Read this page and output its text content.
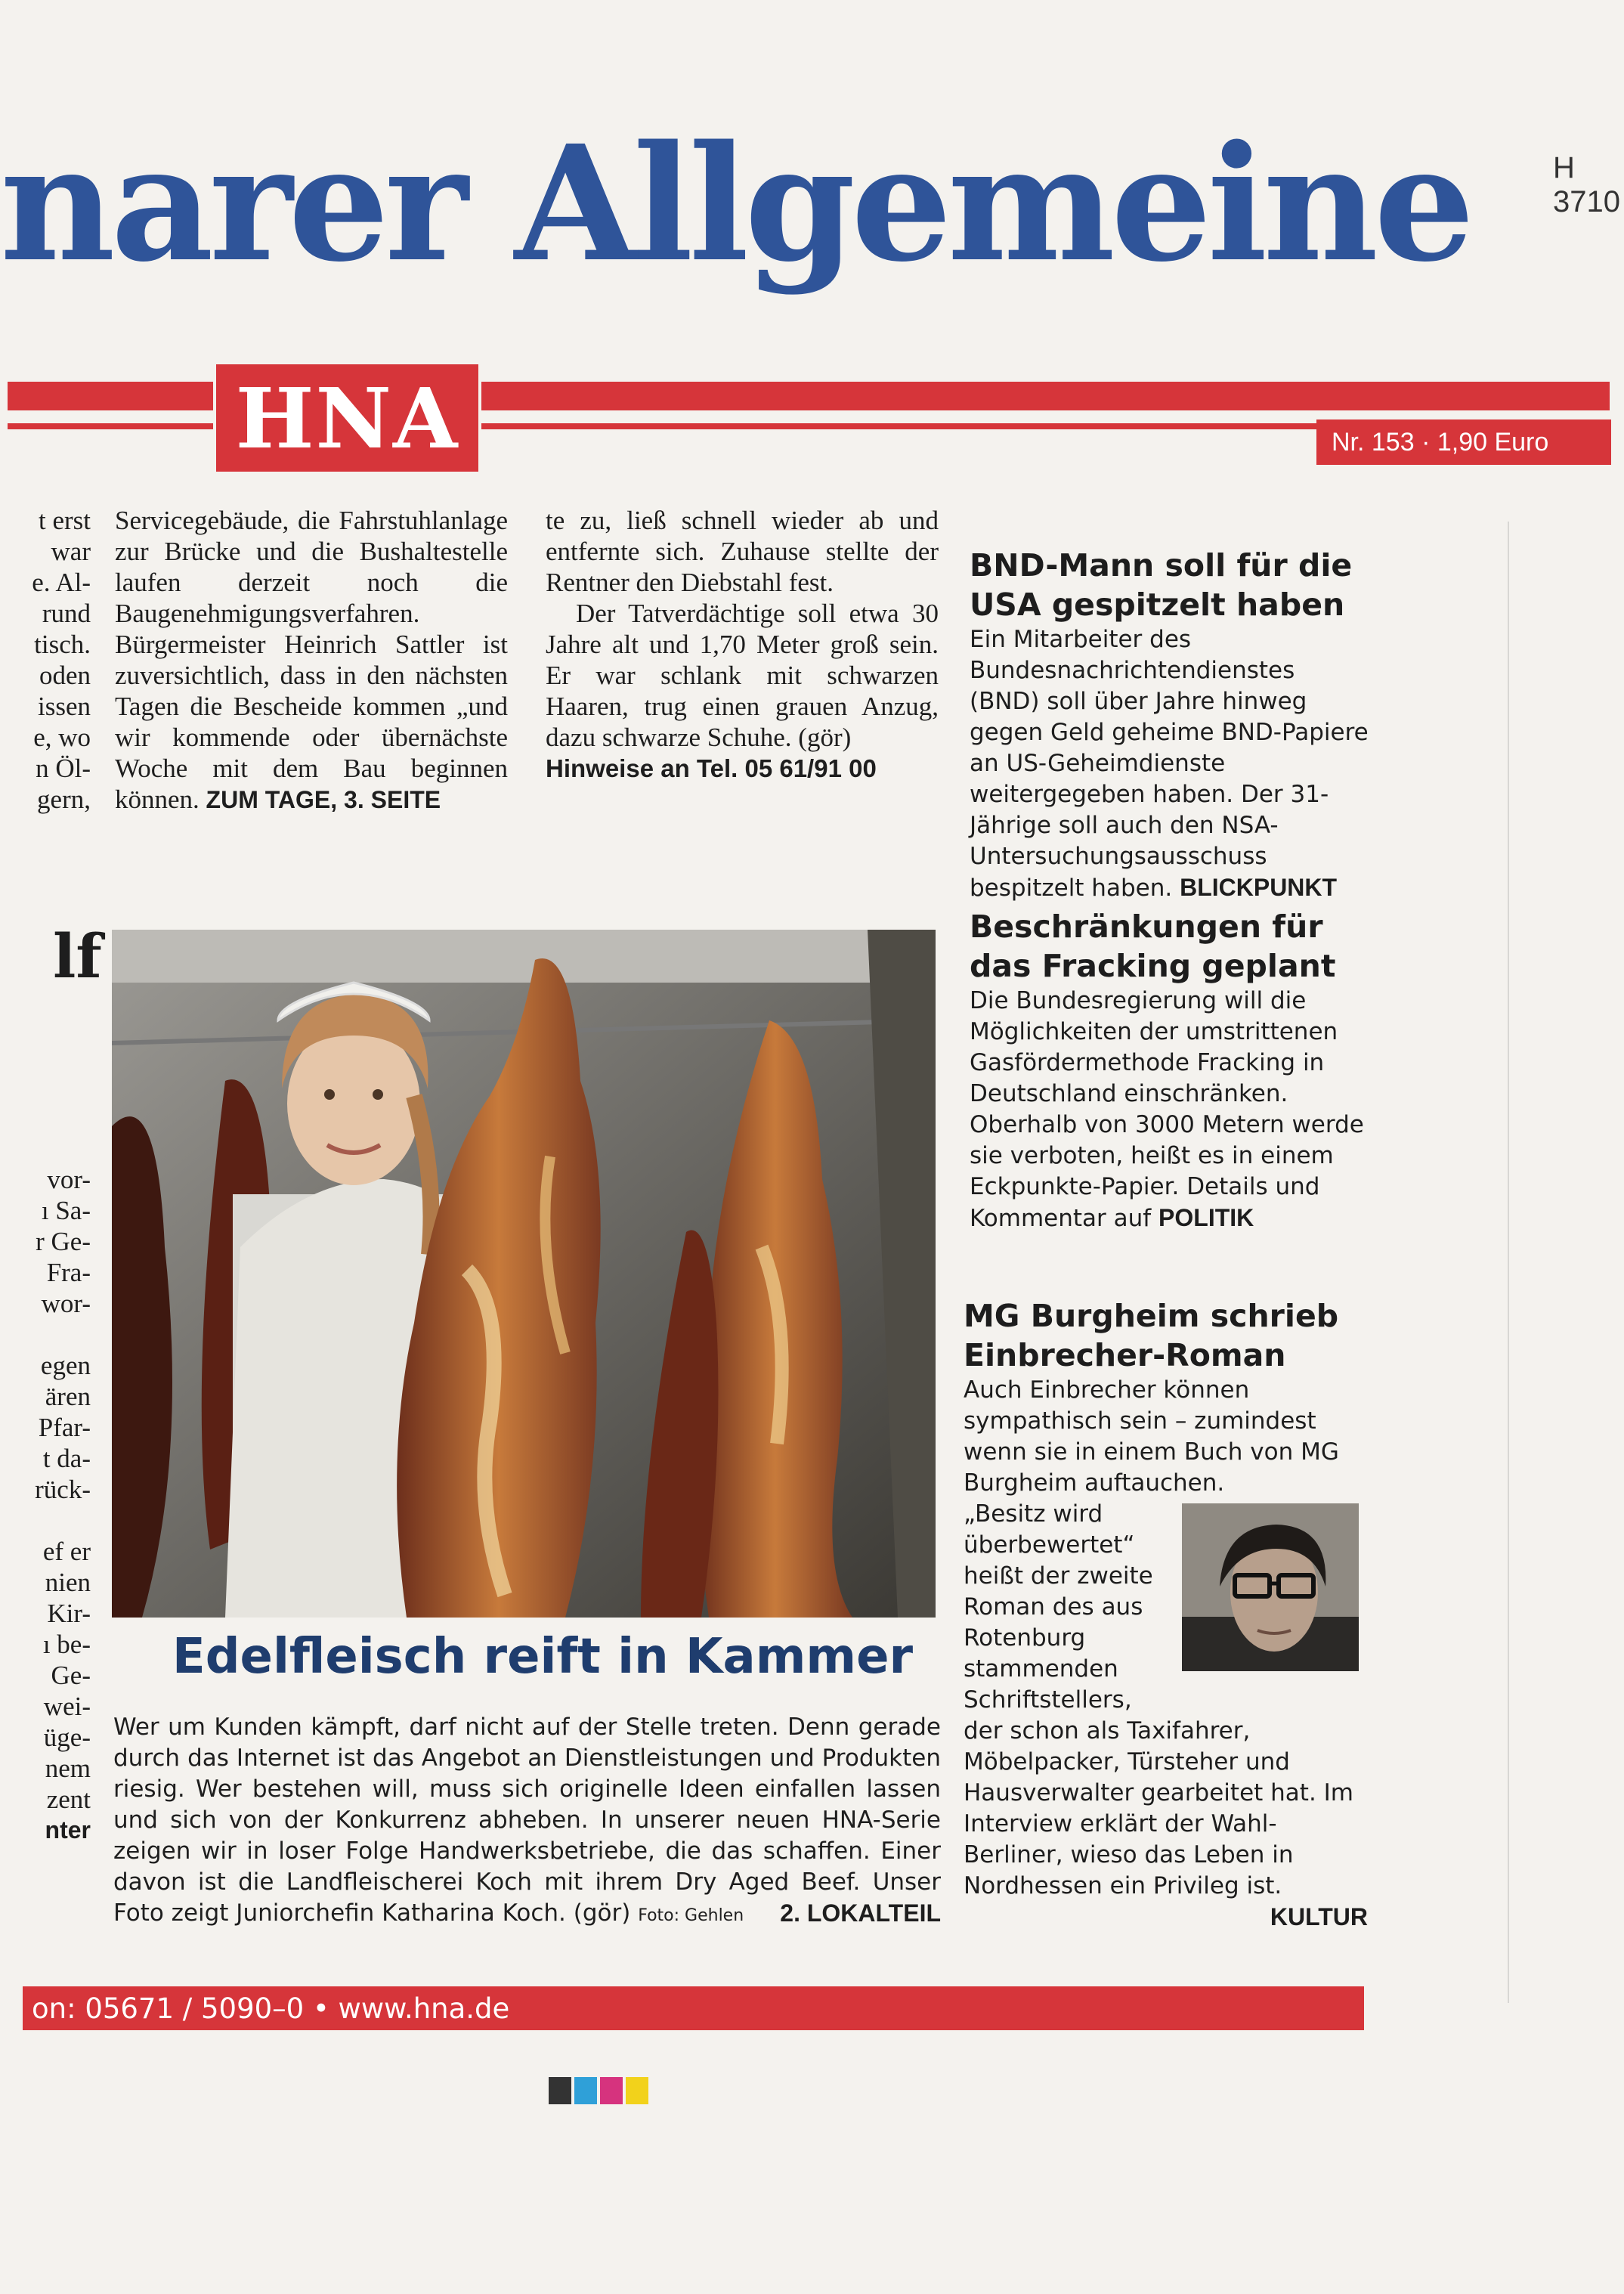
narer Allgemeine	H 3710
HNA	Nr. 153 · 1,90 Euro
t erst
war
e. Al-
rund
tisch.
oden
issen
e, wo
n Öl-
gern,
lf
vor-
ı Sa-
r Ge-
Fra-
wor-

egen
ären
Pfar-
t da-
rück-

ef er
nien
Kir-
ı be-
Ge-
wei-
üge-
nem
zent
nter

Servicegebäude, die Fahrstuhlanlage zur Brücke und die Bushaltestelle laufen derzeit noch die Baugenehmigungsverfahren. Bürgermeister Heinrich Sattler ist zuversichtlich, dass in den nächsten Tagen die Bescheide kommen „und wir kommende oder übernächste Woche mit dem Bau beginnen können. ZUM TAGE, 3. SEITE

te zu, ließ schnell wieder ab und entfernte sich. Zuhause stellte der Rentner den Diebstahl fest.

Der Tatverdächtige soll etwa 30 Jahre alt und 1,70 Meter groß sein. Er war schlank mit schwarzen Haaren, trug einen grauen Anzug, dazu schwarze Schuhe. (gör)

Hinweise an Tel. 05 61/91 00

BND-Mann soll für die
USA gespitzelt haben

Ein Mitarbeiter des Bundesnachrichtendienstes (BND) soll über Jahre hinweg gegen Geld geheime BND-Papiere an US-Geheimdienste weitergegeben haben. Der 31-Jährige soll auch den NSA-Untersuchungsausschuss bespitzelt haben. BLICKPUNKT

Beschränkungen für
das Fracking geplant

Die Bundesregierung will die Möglichkeiten der umstrittenen Gasfördermethode Fracking in Deutschland einschränken. Oberhalb von 3000 Metern werde sie verboten, heißt es in einem Eckpunkte-Papier. Details und Kommentar auf POLITIK

MG Burgheim schrieb
Einbrecher-Roman

Auch Einbrecher können sympathisch sein – zumindest wenn sie in einem Buch von MG Burgheim auftauchen.

„Besitz wird überbewertet“ heißt der zweite Roman des aus Rotenburg stammenden Schriftstellers,

der schon als Taxifahrer, Möbelpacker, Türsteher und Hausverwalter gearbeitet hat. Im Interview erklärt der Wahl-Berliner, wieso das Leben in Nordhessen ein Privileg ist.
KULTUR

Edelfleisch reift in Kammer

Wer um Kunden kämpft, darf nicht auf der Stelle treten. Denn gerade durch das Internet ist das Angebot an Dienstleistungen und Produkten riesig. Wer bestehen will, muss sich originelle Ideen einfallen lassen und sich von der Konkurrenz abheben. In unserer neuen HNA-Serie zeigen wir in loser Folge Handwerksbetriebe, die das schaffen. Einer davon ist die Landfleischerei Koch mit ihrem Dry Aged Beef. Unser Foto zeigt Juniorchefin Katharina Koch. (gör) Foto: Gehlen 2. LOKALTEIL

on: 05671 / 5090–0 • www.hna.de
